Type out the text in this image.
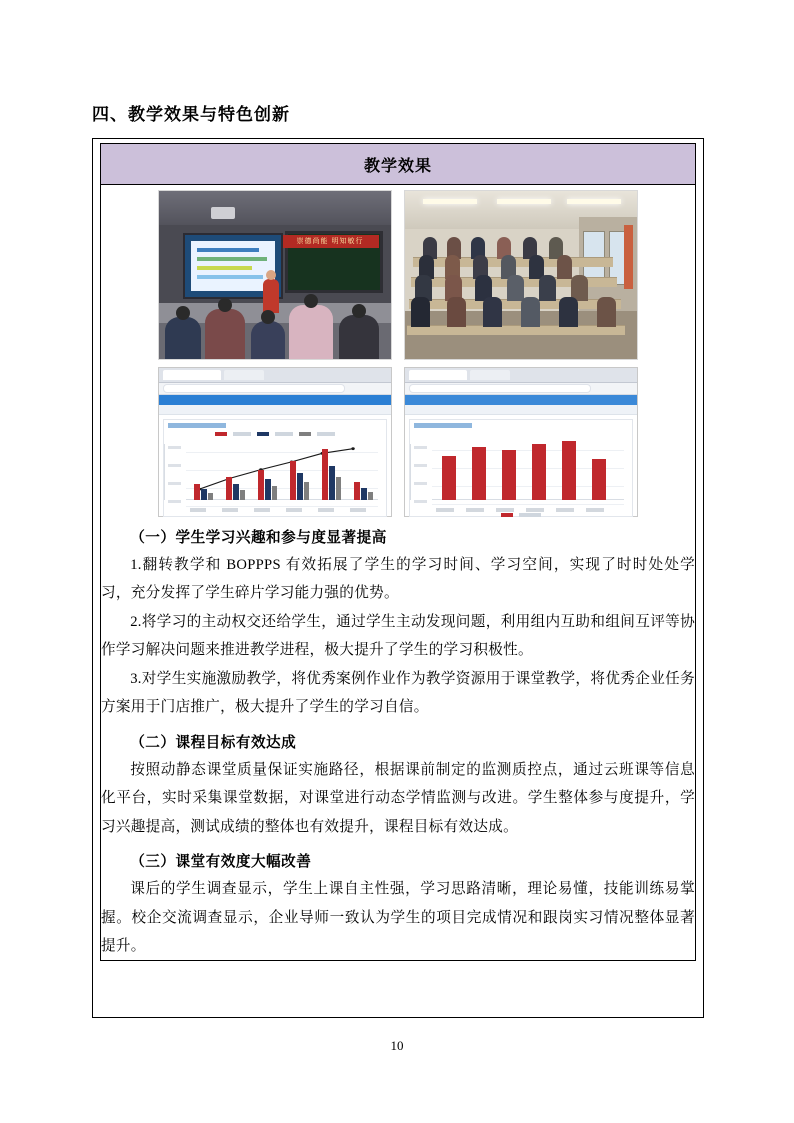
四、教学效果与特色创新
教学效果

崇德尚能 明知敏行
（一）学生学习兴趣和参与度显著提高

1.翻转教学和 BOPPPS 有效拓展了学生的学习时间、学习空间，实现了时时处处学习，充分发挥了学生碎片学习能力强的优势。

2.将学习的主动权交还给学生，通过学生主动发现问题，利用组内互助和组间互评等协作学习解决问题来推进教学进程，极大提升了学生的学习积极性。

3.对学生实施激励教学，将优秀案例作业作为教学资源用于课堂教学，将优秀企业任务方案用于门店推广，极大提升了学生的学习自信。

（二）课程目标有效达成

按照动静态课堂质量保证实施路径，根据课前制定的监测质控点，通过云班课等信息化平台，实时采集课堂数据，对课堂进行动态学情监测与改进。学生整体参与度提升，学习兴趣提高，测试成绩的整体也有效提升，课程目标有效达成。

（三）课堂有效度大幅改善

课后的学生调查显示，学生上课自主性强，学习思路清晰，理论易懂，技能训练易掌握。校企交流调查显示，企业导师一致认为学生的项目完成情况和跟岗实习情况整体显著提升。

10
